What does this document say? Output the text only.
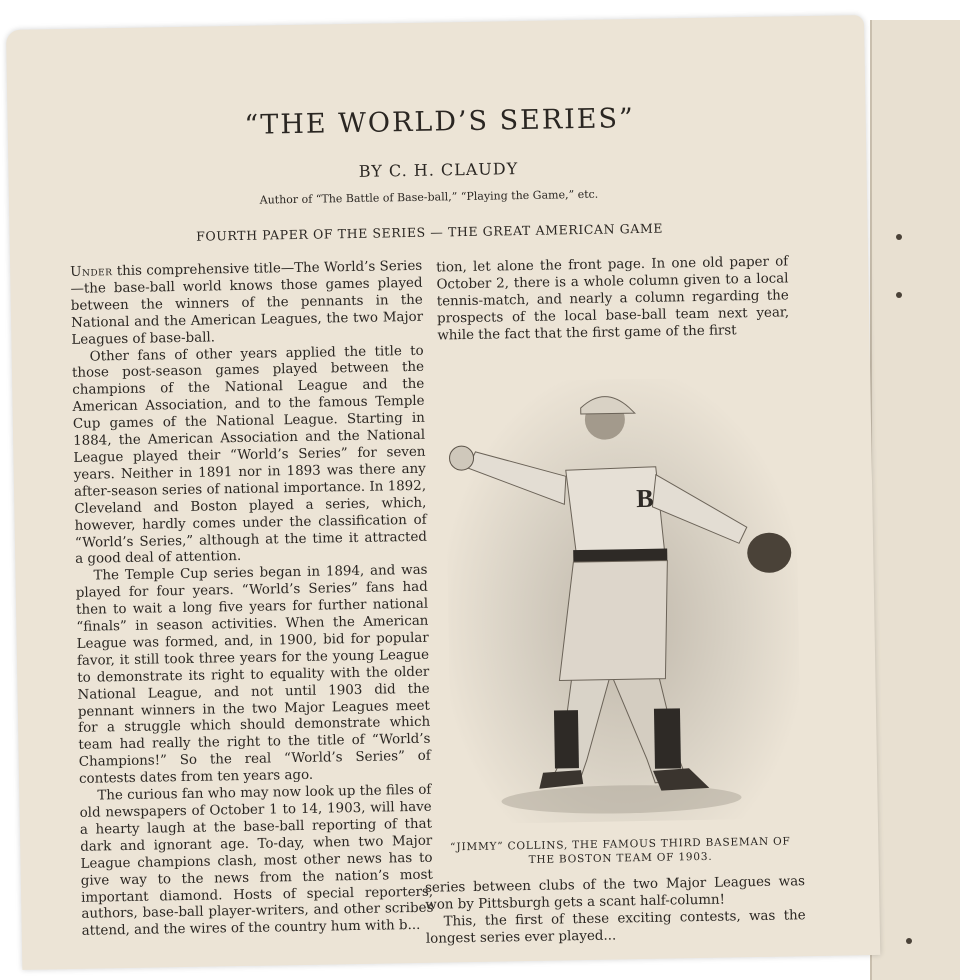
“THE WORLD’S SERIES”
BY C. H. CLAUDY
Author of “The Battle of Base-ball,” “Playing the Game,” etc.
FOURTH PAPER OF THE SERIES — THE GREAT AMERICAN GAME

Under this comprehensive title—The World’s Series—the base-ball world knows those games played between the winners of the pennants in the National and the American Leagues, the two Major Leagues of base-ball.

Other fans of other years applied the title to those post-season games played between the champions of the National League and the American Association, and to the famous Temple Cup games of the National League. Starting in 1884, the American Association and the National League played their “World’s Series” for seven years. Neither in 1891 nor in 1893 was there any after-season series of national importance. In 1892, Cleveland and Boston played a series, which, however, hardly comes under the classification of “World’s Series,” although at the time it attracted a good deal of attention.

The Temple Cup series began in 1894, and was played for four years. “World’s Series” fans had then to wait a long five years for further national “finals” in season activities. When the American League was formed, and, in 1900, bid for popular favor, it still took three years for the young League to demonstrate its right to equality with the older National League, and not until 1903 did the pennant winners in the two Major Leagues meet for a struggle which should demonstrate which team had really the right to the title of “World’s Champions!” So the real “World’s Series” of contests dates from ten years ago.

The curious fan who may now look up the files of old newspapers of October 1 to 14, 1903, will have a hearty laugh at the base-ball reporting of that dark and ignorant age. To-day, when two Major League champions clash, most other news has to give way to the news from the nation’s most important diamond. Hosts of special reporters, authors, base-ball player-writers, and other scribes attend, and the wires of the country hum with b...

tion, let alone the front page. In one old paper of October 2, there is a whole column given to a local tennis-match, and nearly a column regarding the prospects of the local base-ball team next year, while the fact that the first game of the first

B
“JIMMY” COLLINS, THE FAMOUS THIRD BASEMAN OF THE BOSTON TEAM OF 1903.

series between clubs of the two Major Leagues was won by Pittsburgh gets a scant half-column!

This, the first of these exciting contests, was the longest series ever played...
